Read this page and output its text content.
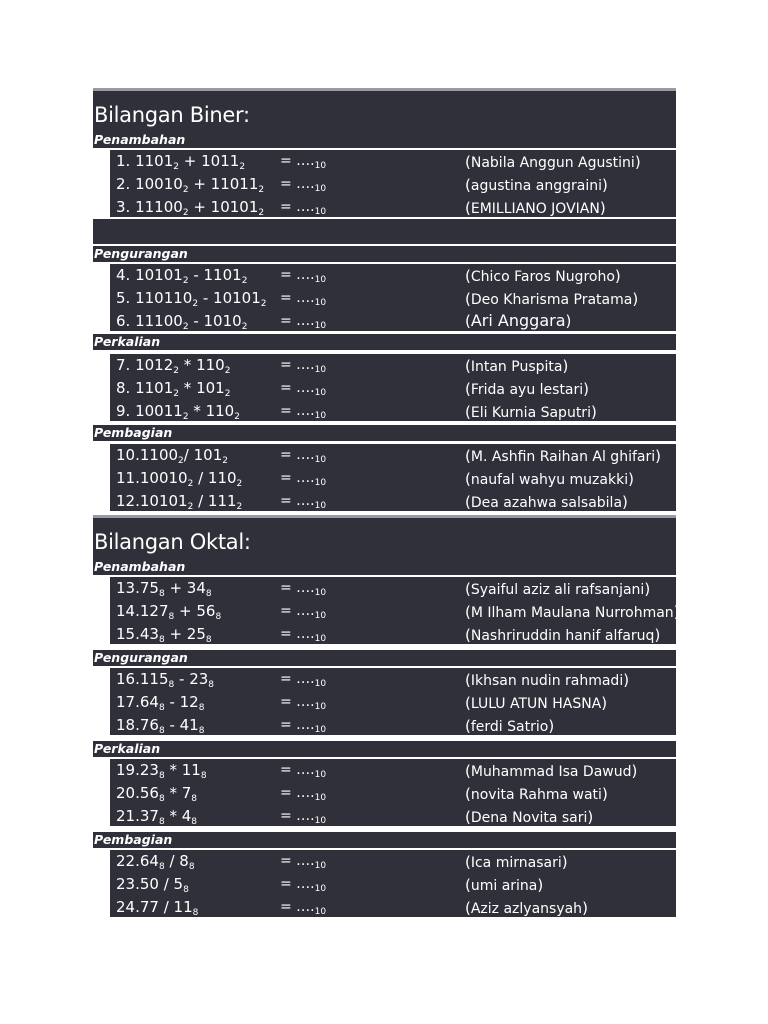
Bilangan Biner:
Penambahan
1. $1101_2 + 1011_2$ = $\dots._{10}$	(Nabila Anggun Agustini)
2. $10010_2 + 11011_2$ = $\dots._{10}$	(agustina anggraini)
3. $11100_2 + 10101_2$ = $\dots._{10}$	(EMILLIANO JOVIAN)
Pengurangan
4. $10101_2 - 1101_2$ = $\dots._{10}$	(Chico Faros Nugroho)
5. $110110_2 - 10101_2$ = $\dots._{10}$	(Deo Kharisma Pratama)
6. $11100_2 - 1010_2$ = $\dots._{10}$	(Ari Anggara)
Perkalian
7. $1012_2 * 110_2$	= $\dots._{10}$	(Intan Puspita)
8. $1101_2 * 101_2$	= $\dots._{10}$	(Frida ayu lestari)
9. $10011_2 * 110_2$	= $\dots._{10}$	(Eli Kurnia Saputri)
Pembagian
$10.1100_2/$ $101_2$	= $\dots._{10}$	(M. Ashfin Raihan Al ghifari)
$11.10010_2 / 110_2$	= $\dots._{10}$	(naufal wahyu muzakki)
$12.10101_2 / 111_2$	= $\dots._{10}$	(Dea azahwa salsabila)
Bilangan Oktal:
Penambahan
$13.75_8 + 34_8$	= $\dots._{10}$	(Syaiful aziz ali rafsanjani)
$14.127_8 + 56_8$	= $\dots._{10}$	(M Ilham Maulana Nurrohman)
$15.43_8 + 25_8$	= $\dots._{10}$	(Nashriruddin hanif alfaruq)
Pengurangan
$16.115_8 - 23_8$	= $\dots._{10}$	(Ikhsan nudin rahmadi)
$17.64_8 - 12_8$	= $\dots._{10}$	(LULU ATUN HASNA)
$18.76_8 - 41_8$	= $\dots._{10}$	(ferdi Satrio)
Perkalian
$19.23_8 * 11_8$	= $\dots._{10}$	(Muhammad Isa Dawud)
$20.56_8 * 7_8$	= $\dots._{10}$	(novita Rahma wati)
$21.37_8 * 4_8$	= $\dots._{10}$	(Dena Novita sari)
Pembagian
$22.64_8 / 8_8$	= $\dots._{10}$	(Ica mirnasari)
$23.50 / 5_8$	= $\dots._{10}$	(umi arina)
$24.77 / 11_8$	= $\dots._{10}$	(Aziz azlyansyah)
